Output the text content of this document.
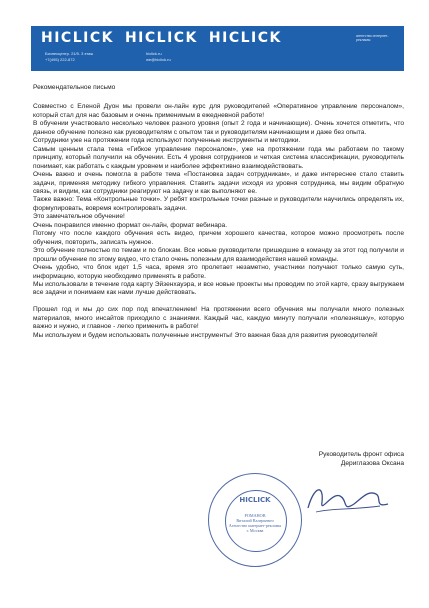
HICLICK HICLICK HICLICK	агентство интернет-рекламы
Бизнесцентр. 21/5. 3 этаж
+7(495) 222-872
hiclick.ru
we@hiclick.ru

Рекомендательное письмо

Совместно с Еленой Дуон мы провели он-лайн курс для руководителей «Оперативное управление персоналом», который стал для нас базовым и очень применимым в ежедневной работе!

В обучении участвовало несколько человек разного уровня (опыт 2 года и начинающие). Очень хочется отметить, что данное обучение полезно как руководителям с опытом так и руководителям начинающим и даже без опыта.

Сотрудники уже на протяжении года используют полученные инструменты и методики.

Самым ценным стала тема «Гибкое управление персоналом», уже на протяжении года мы работаем по такому принципу, который получили на обучении. Есть 4 уровня сотрудников и четкая система классификации, руководитель понимает, как работать с каждым уровнем и наиболее эффективно взаимодействовать.

Очень важно и очень помогла в работе тема «Постановка задач сотрудникам», и даже интереснее стало ставить задачи, применяя методику гибкого управления. Ставить задачи исходя из уровня сотрудника, мы видим обратную связь, и видим, как сотрудники реагируют на задачу и как выполняют ее.

Также важно: Тема «Контрольные точки». У ребят контрольные точки разные и руководители научились определять их, формулировать, вовремя контролировать задачи.

Это замечательное обучение!

Очень понравился именно формат он-лайн, формат вебинара.

Потому что после каждого обучения есть видео, причем хорошего качества, которое можно просмотреть после обучения, повторить, записать нужное.

Это обучение полностью по темам и по блокам. Все новые руководители пришедшие в команду за этот год получили и прошли обучение по этому видео, что стало очень полезным для взаимодействия нашей команды.

Очень удобно, что блок идет 1,5 часа, время это пролетает незаметно, участники получают только самую суть, информацию, которую необходимо применять в работе.

Мы использовали в течение года карту Эйзенхауэра, и все новые проекты мы проводим по этой карте, сразу выгружаем все задачи и понимаем как нами лучше действовать.

Прошел год и мы до сих пор под впечатлением! На протяжении всего обучения мы получали много полезных материалов, много инсайтов приходило с знаниями. Каждый час, каждую минуту получали «полезняшку», которую важно и нужно, и главное - легко применить в работе!

Мы используем и будем использовать полученные инструменты! Это важная база для развития руководителей!

Руководитель фронт офиса
Дериглазова Оксана
HICLICK
РОМАНОВ
Виталий Валерьевич
Агентство интернет-рекламы
г. Москва
